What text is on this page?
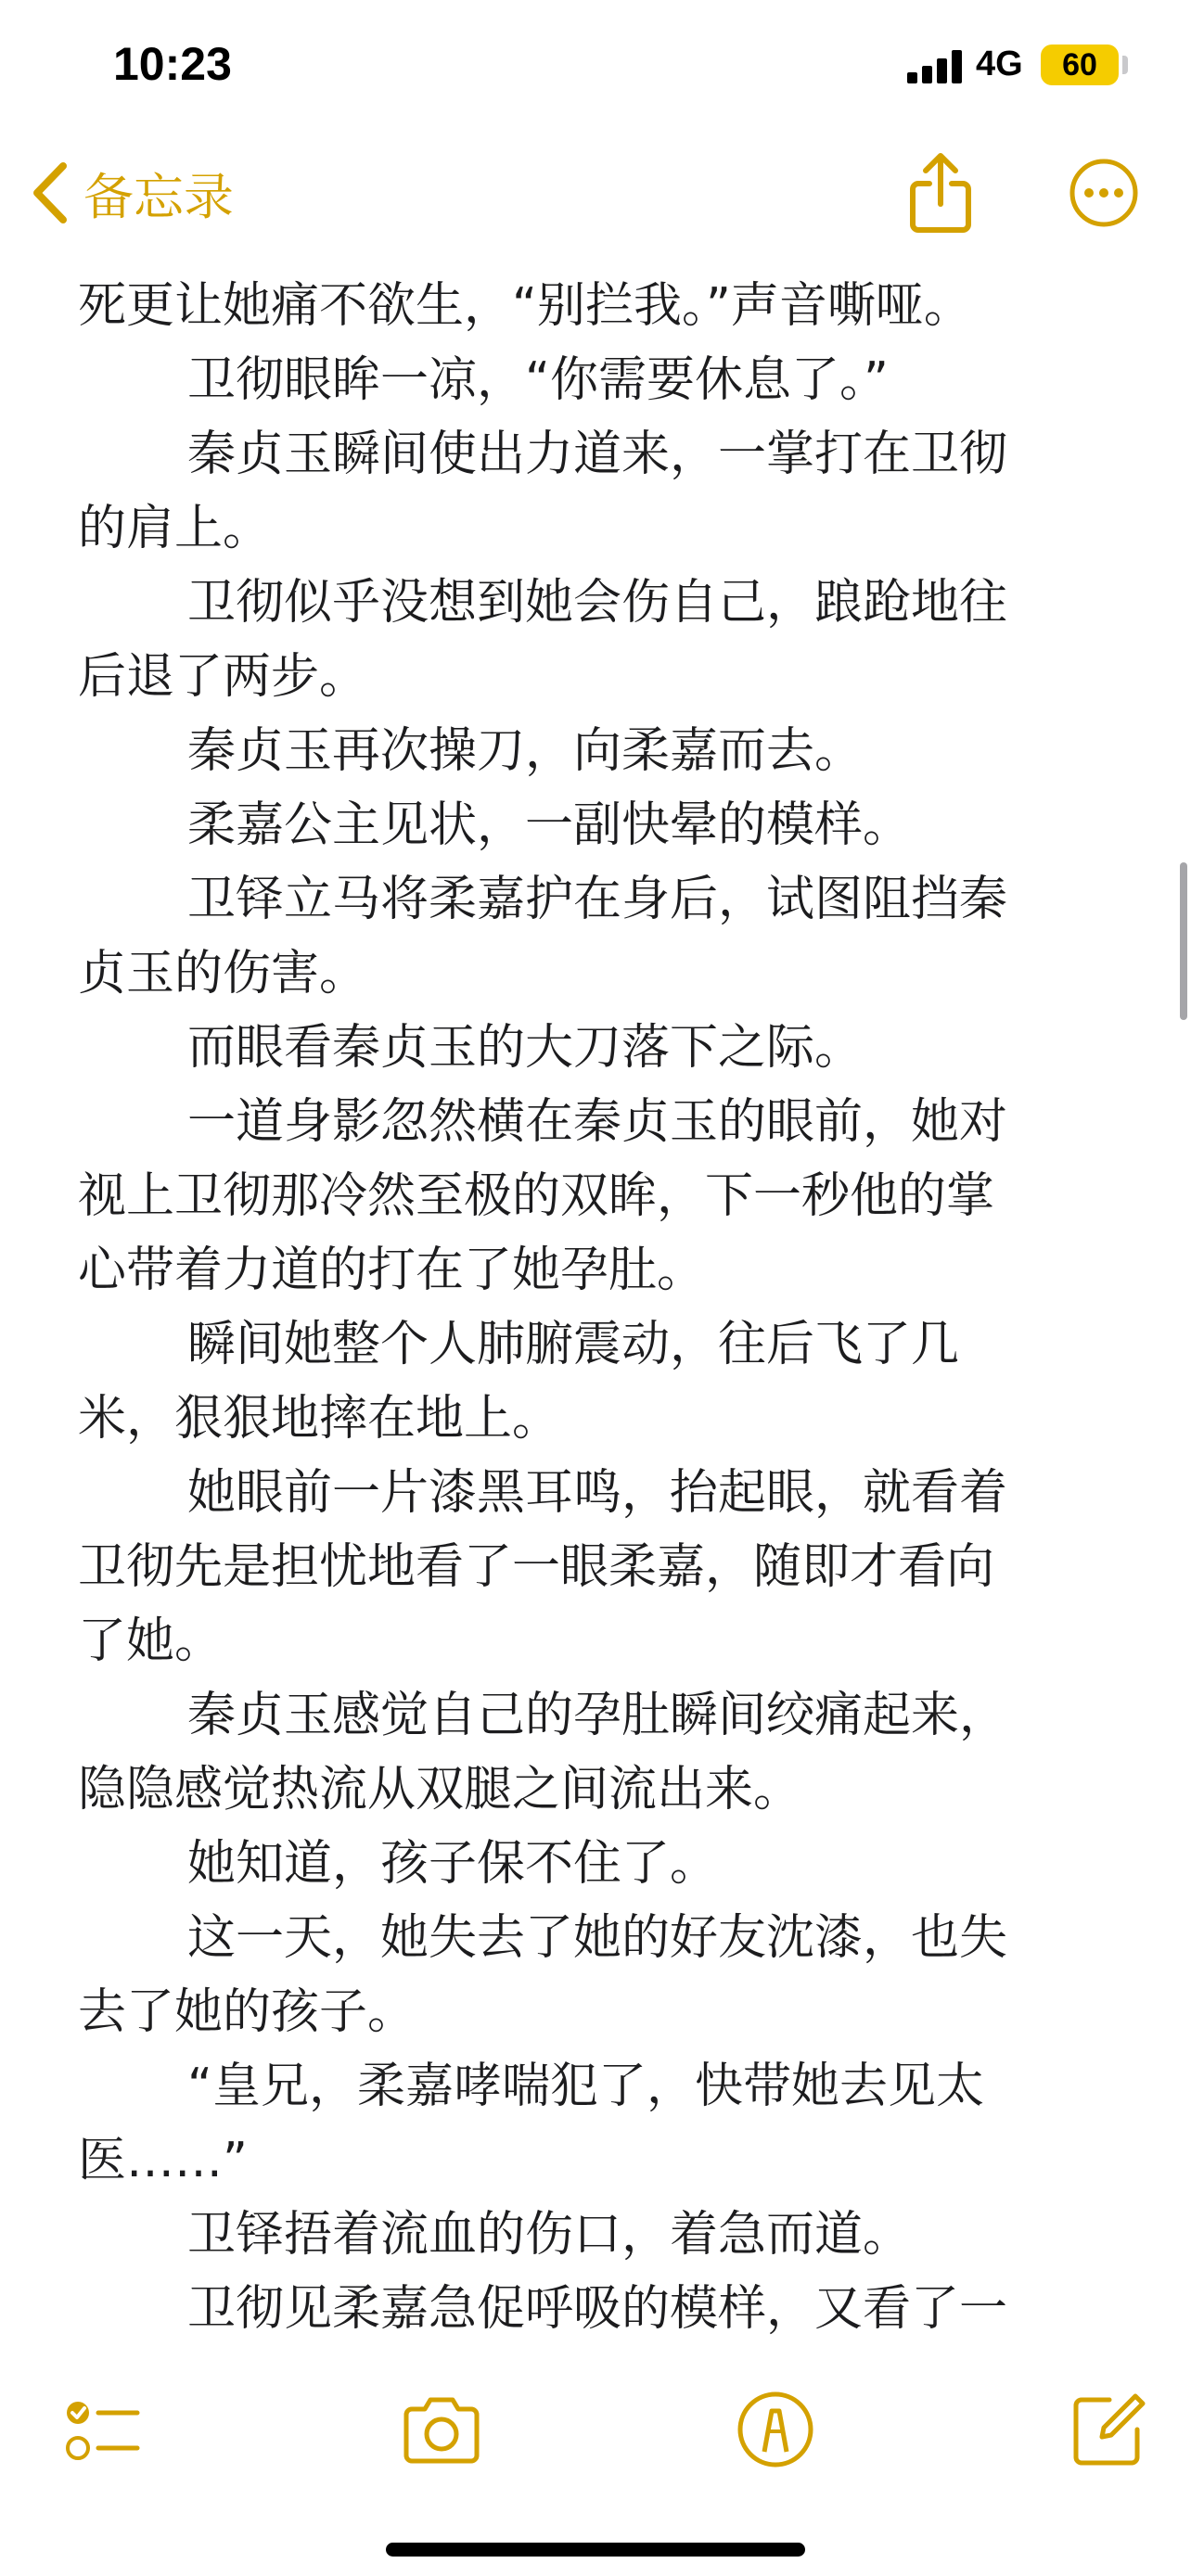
10:23	4G	60
备忘录
死更让她痛不欲生，“别拦我。”声音嘶哑。
卫彻眼眸一凉，“你需要休息了。”
秦贞玉瞬间使出力道来，一掌打在卫彻
的肩上。
卫彻似乎没想到她会伤自己，踉跄地往
后退了两步。
秦贞玉再次操刀，向柔嘉而去。
柔嘉公主见状，一副快晕的模样。
卫铎立马将柔嘉护在身后，试图阻挡秦
贞玉的伤害。
而眼看秦贞玉的大刀落下之际。
一道身影忽然横在秦贞玉的眼前，她对
视上卫彻那冷然至极的双眸，下一秒他的掌
心带着力道的打在了她孕肚。
瞬间她整个人肺腑震动，往后飞了几
米，狠狠地摔在地上。
她眼前一片漆黑耳鸣，抬起眼，就看着
卫彻先是担忧地看了一眼柔嘉，随即才看向
了她。
秦贞玉感觉自己的孕肚瞬间绞痛起来，
隐隐感觉热流从双腿之间流出来。
她知道，孩子保不住了。
这一天，她失去了她的好友沈漆，也失
去了她的孩子。
“皇兄，柔嘉哮喘犯了，快带她去见太
医……”
卫铎捂着流血的伤口，着急而道。
卫彻见柔嘉急促呼吸的模样，又看了一
